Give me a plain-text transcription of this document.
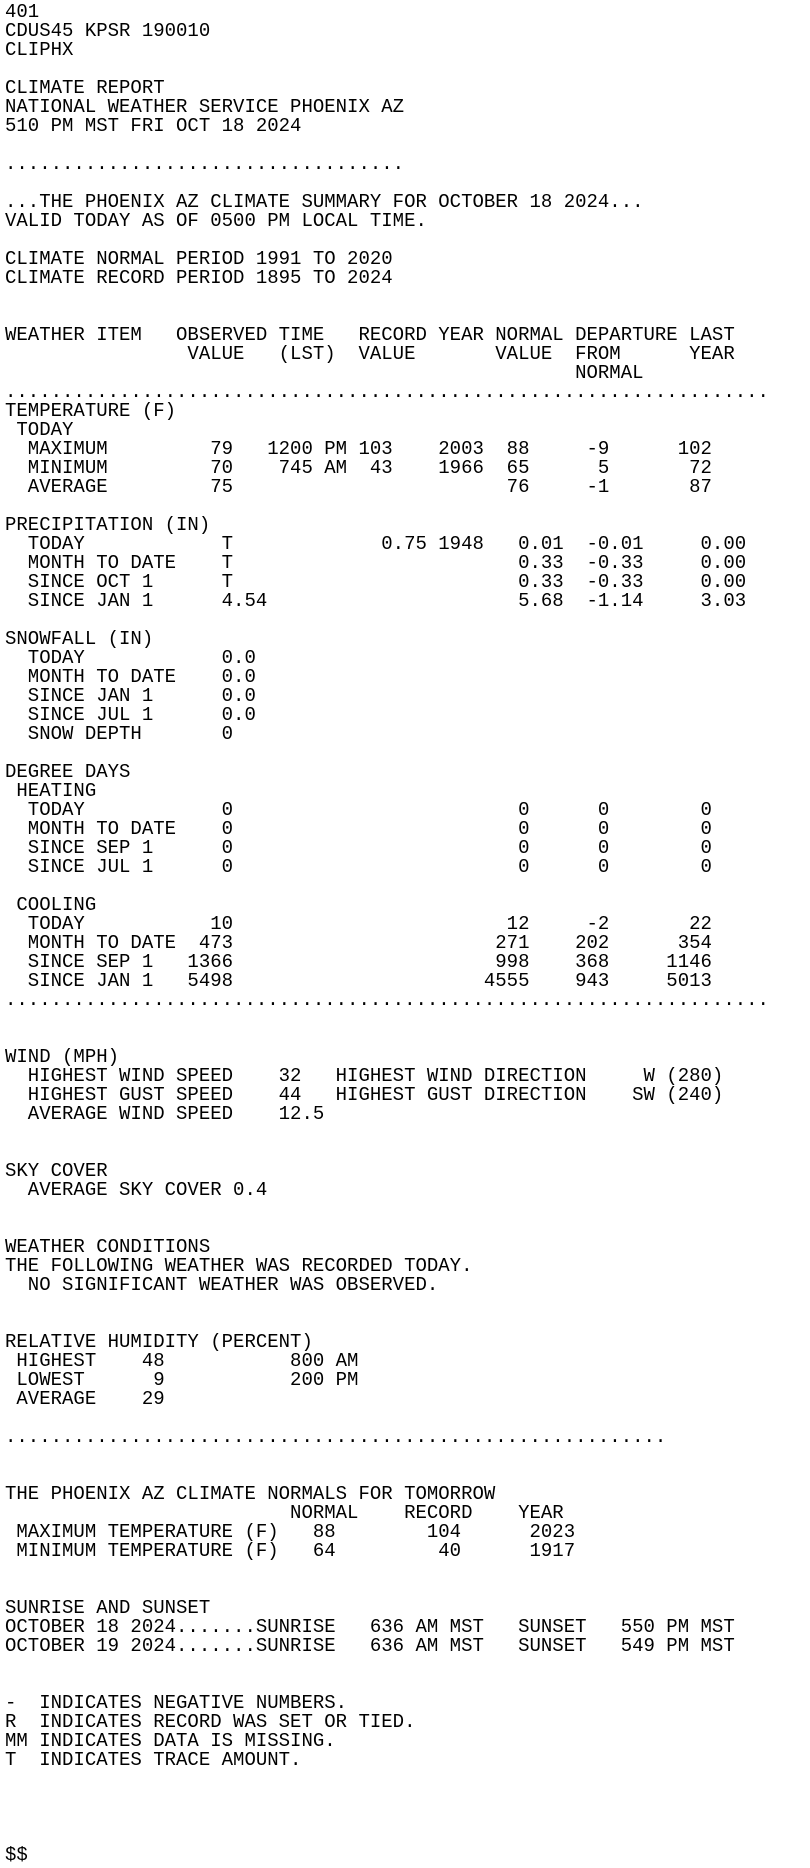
401
CDUS45 KPSR 190010
CLIPHX
CLIMATE REPORT
NATIONAL WEATHER SERVICE PHOENIX AZ
510 PM MST FRI OCT 18 2024
...................................
...THE PHOENIX AZ CLIMATE SUMMARY FOR OCTOBER 18 2024...
VALID TODAY AS OF 0500 PM LOCAL TIME.
CLIMATE NORMAL PERIOD 1991 TO 2020
CLIMATE RECORD PERIOD 1895 TO 2024
WEATHER ITEM   OBSERVED TIME   RECORD YEAR NORMAL DEPARTURE LAST
VALUE   (LST)  VALUE       VALUE  FROM      YEAR
NORMAL
...................................................................
TEMPERATURE (F)
TODAY
MAXIMUM         79   1200 PM 103    2003  88     -9      102
MINIMUM         70    745 AM  43    1966  65      5       72
AVERAGE         75                        76     -1       87
PRECIPITATION (IN)
TODAY            T             0.75 1948   0.01  -0.01     0.00
MONTH TO DATE    T                         0.33  -0.33     0.00
SINCE OCT 1      T                         0.33  -0.33     0.00
SINCE JAN 1      4.54                      5.68  -1.14     3.03
SNOWFALL (IN)
TODAY            0.0
MONTH TO DATE    0.0
SINCE JAN 1      0.0
SINCE JUL 1      0.0
SNOW DEPTH       0
DEGREE DAYS
HEATING
TODAY            0                         0      0        0
MONTH TO DATE    0                         0      0        0
SINCE SEP 1      0                         0      0        0
SINCE JUL 1      0                         0      0        0
COOLING
TODAY           10                        12     -2       22
MONTH TO DATE  473                       271    202      354
SINCE SEP 1   1366                       998    368     1146
SINCE JAN 1   5498                      4555    943     5013
...................................................................
WIND (MPH)
HIGHEST WIND SPEED    32   HIGHEST WIND DIRECTION     W (280)
HIGHEST GUST SPEED    44   HIGHEST GUST DIRECTION    SW (240)
AVERAGE WIND SPEED    12.5
SKY COVER
AVERAGE SKY COVER 0.4
WEATHER CONDITIONS
THE FOLLOWING WEATHER WAS RECORDED TODAY.
NO SIGNIFICANT WEATHER WAS OBSERVED.
RELATIVE HUMIDITY (PERCENT)
HIGHEST    48           800 AM
LOWEST      9           200 PM
AVERAGE    29
..........................................................
THE PHOENIX AZ CLIMATE NORMALS FOR TOMORROW
NORMAL    RECORD    YEAR
MAXIMUM TEMPERATURE (F)   88        104      2023
MINIMUM TEMPERATURE (F)   64         40      1917
SUNRISE AND SUNSET
OCTOBER 18 2024.......SUNRISE   636 AM MST   SUNSET   550 PM MST
OCTOBER 19 2024.......SUNRISE   636 AM MST   SUNSET   549 PM MST
-  INDICATES NEGATIVE NUMBERS.
R  INDICATES RECORD WAS SET OR TIED.
MM INDICATES DATA IS MISSING.
T  INDICATES TRACE AMOUNT.
$$
